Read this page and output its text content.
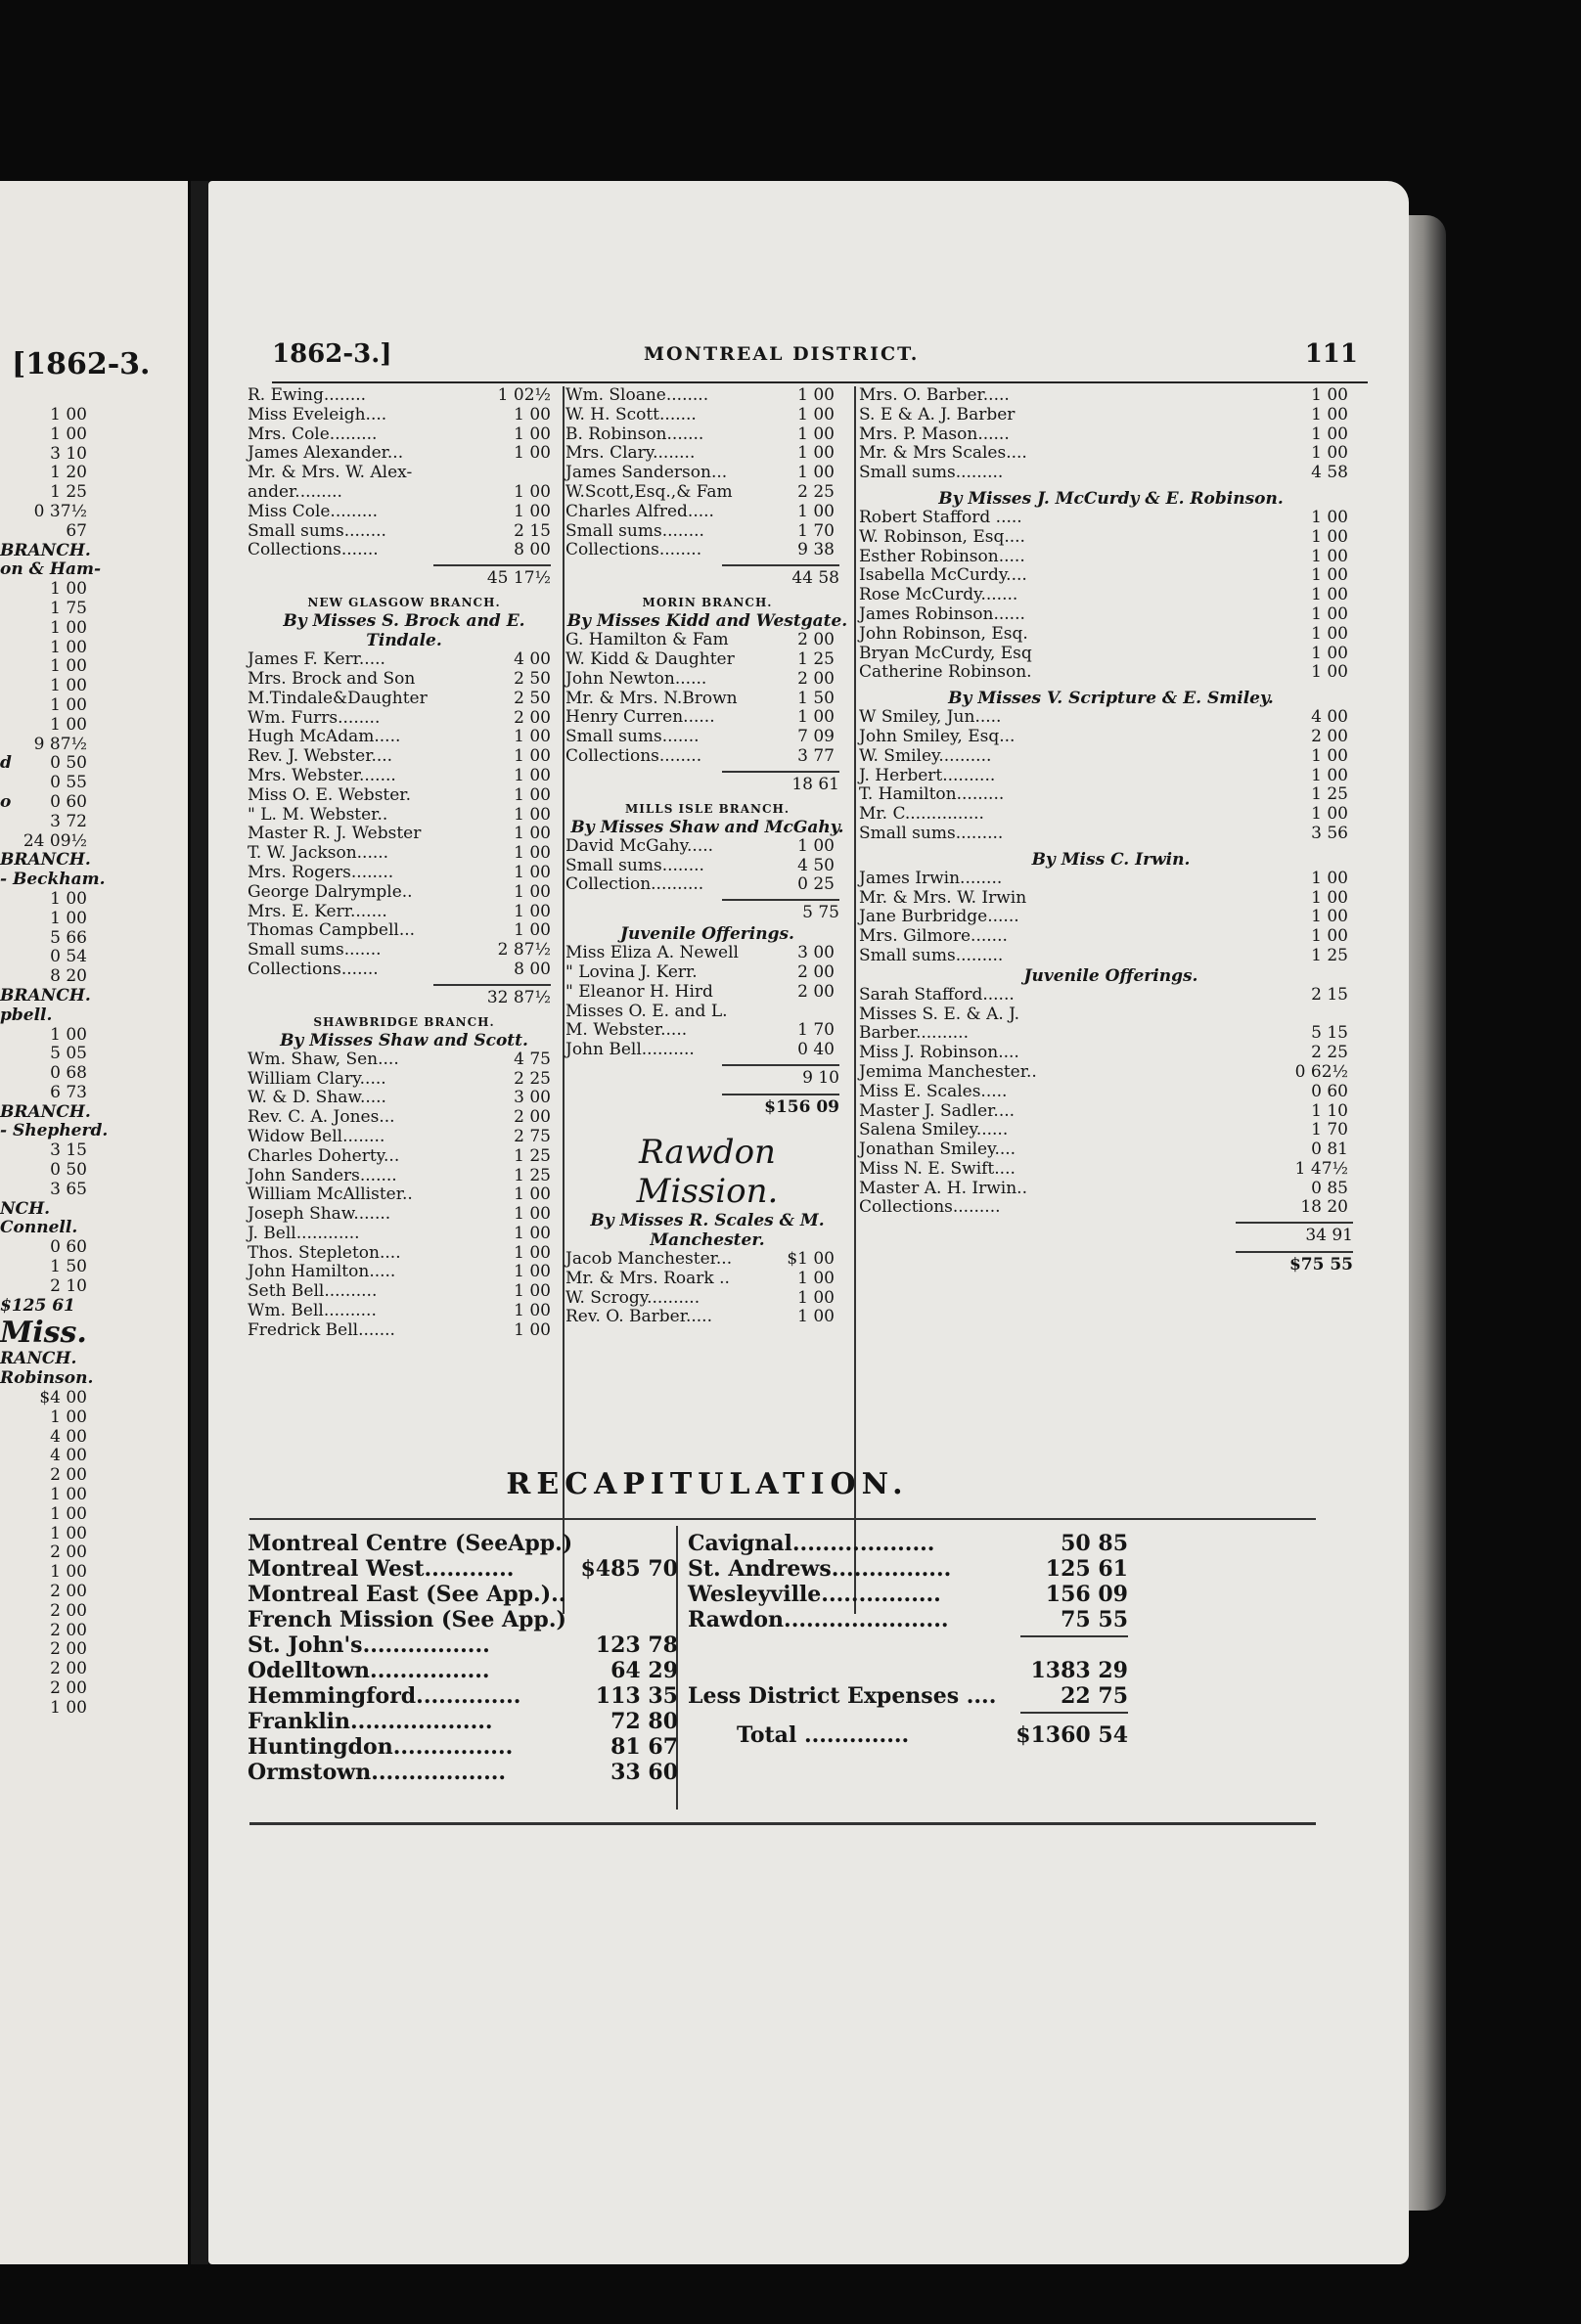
[1862-3.
1 00
1 00
3 10
1 20
1 25
0 37½
67
BRANCH.
on & Ham-
1 00
1 75
1 00
1 00
1 00
1 00
1 00
1 00
9 87½
d 0 50
0 55
o 0 60
3 72
24 09½
BRANCH.
- Beckham.
1 00
1 00
5 66
0 54
8 20
BRANCH.
pbell.
1 00
5 05
0 68
6 73
BRANCH.
- Shepherd.
3 15
0 50
3 65
NCH.
Connell.
0 60
1 50
2 10
$125 61
Miss.
RANCH.
Robinson.
$4 00
1 00
4 00
4 00
2 00
1 00
1 00
1 00
2 00
1 00
2 00
2 00
2 00
2 00
2 00
2 00
1 00
1862-3.]	MONTREAL DISTRICT.	111
R. Ewing........	1 02½
Miss Eveleigh....	1 00
Mrs. Cole.........	1 00
James Alexander...	1 00
Mr. & Mrs. W. Alex-
ander.........	1 00
Miss Cole.........	1 00
Small sums........	2 15
Collections.......	8 00
45 17½
NEW GLASGOW BRANCH.
By Misses S. Brock and E. Tindale.
James F. Kerr.....	4 00
Mrs. Brock and Son	2 50
M.Tindale&Daughter	2 50
Wm. Furrs........	2 00
Hugh McAdam.....	1 00
Rev. J. Webster....	1 00
Mrs. Webster.......	1 00
Miss O. E. Webster.	1 00
" L. M. Webster..	1 00
Master R. J. Webster	1 00
T. W. Jackson......	1 00
Mrs. Rogers........	1 00
George Dalrymple..	1 00
Mrs. E. Kerr.......	1 00
Thomas Campbell...	1 00
Small sums.......	2 87½
Collections.......	8 00
32 87½
SHAWBRIDGE BRANCH.
By Misses Shaw and Scott.
Wm. Shaw, Sen....	4 75
William Clary.....	2 25
W. & D. Shaw.....	3 00
Rev. C. A. Jones...	2 00
Widow Bell........	2 75
Charles Doherty...	1 25
John Sanders.......	1 25
William McAllister..	1 00
Joseph Shaw.......	1 00
J. Bell............	1 00
Thos. Stepleton....	1 00
John Hamilton.....	1 00
Seth Bell..........	1 00
Wm. Bell..........	1 00
Fredrick Bell.......	1 00
Wm. Sloane........	1 00
W. H. Scott.......	1 00
B. Robinson.......	1 00
Mrs. Clary........	1 00
James Sanderson...	1 00
W.Scott,Esq.,& Fam	2 25
Charles Alfred.....	1 00
Small sums........	1 70
Collections........	9 38
44 58
MORIN BRANCH.
By Misses Kidd and Westgate.
G. Hamilton & Fam	2 00
W. Kidd & Daughter	1 25
John Newton......	2 00
Mr. & Mrs. N.Brown	1 50
Henry Curren......	1 00
Small sums.......	7 09
Collections........	3 77
18 61
MILLS ISLE BRANCH.
By Misses Shaw and McGahy.
David McGahy.....	1 00
Small sums........	4 50
Collection..........	0 25
5 75
Juvenile Offerings.
Miss Eliza A. Newell	3 00
" Lovina J. Kerr.	2 00
" Eleanor H. Hird	2 00
Misses O. E. and L.
M. Webster.....	1 70
John Bell..........	0 40
9 10
$156 09
Rawdon Mission.
By Misses R. Scales & M. Manchester.
Jacob Manchester...	$1 00
Mr. & Mrs. Roark ..	1 00
W. Scrogy..........	1 00
Rev. O. Barber.....	1 00
Mrs. O. Barber.....	1 00
S. E & A. J. Barber	1 00
Mrs. P. Mason......	1 00
Mr. & Mrs Scales....	1 00
Small sums.........	4 58
By Misses J. McCurdy & E. Robinson.
Robert Stafford .....	1 00
W. Robinson, Esq....	1 00
Esther Robinson.....	1 00
Isabella McCurdy....	1 00
Rose McCurdy.......	1 00
James Robinson......	1 00
John Robinson, Esq.	1 00
Bryan McCurdy, Esq	1 00
Catherine Robinson.	1 00
By Misses V. Scripture & E. Smiley.
W Smiley, Jun.....	4 00
John Smiley, Esq...	2 00
W. Smiley..........	1 00
J. Herbert..........	1 00
T. Hamilton.........	1 25
Mr. C...............	1 00
Small sums.........	3 56
By Miss C. Irwin.
James Irwin........	1 00
Mr. & Mrs. W. Irwin	1 00
Jane Burbridge......	1 00
Mrs. Gilmore.......	1 00
Small sums.........	1 25
Juvenile Offerings.
Sarah Stafford......	2 15
Misses S. E. & A. J.
Barber..........	5 15
Miss J. Robinson....	2 25
Jemima Manchester..	0 62½
Miss E. Scales.....	0 60
Master J. Sadler....	1 10
Salena Smiley......	1 70
Jonathan Smiley....	0 81
Miss N. E. Swift....	1 47½
Master A. H. Irwin..	0 85
Collections.........	18 20
34 91
$75 55
RECAPITULATION.
Montreal Centre (SeeApp.)
Montreal West............	$485 70
Montreal East (See App.)..
French Mission (See App.)
St. John's.................	123 78
Odelltown................	64 29
Hemmingford..............	113 35
Franklin...................	72 80
Huntingdon................	81 67
Ormstown..................	33 60
Cavignal...................	50 85
St. Andrews................	125 61
Wesleyville................	156 09
Rawdon......................	75 55
1383 29
Less District Expenses ....	22 75
Total ..............	$1360 54
